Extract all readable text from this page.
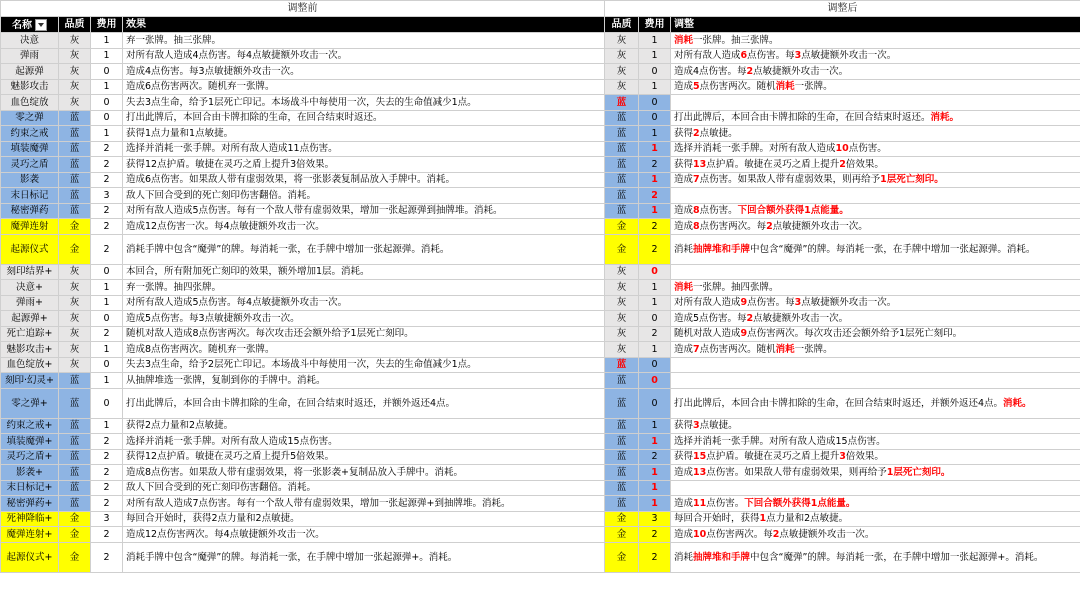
调整前				调整后		
名称	品质	费用	效果	品质	费用	调整
决意	灰	1	弃一张牌。抽三张牌。	灰	1	消耗一张牌。抽三张牌。
弹雨	灰	1	对所有敌人造成4点伤害。每4点敏捷额外攻击一次。	灰	1	对所有敌人造成6点伤害。每3点敏捷额外攻击一次。
起源弹	灰	0	造成4点伤害。每3点敏捷额外攻击一次。	灰	0	造成4点伤害。每2点敏捷额外攻击一次。
魅影攻击	灰	1	造成6点伤害两次。随机弃一张牌。	灰	1	造成5点伤害两次。随机消耗一张牌。
血色绽放	灰	0	失去3点生命，给予1层死亡印记。本场战斗中每使用一次，失去的生命值减少1点。	蓝	0	
零之弹	蓝	0	打出此牌后，本回合由卡牌扣除的生命，在回合结束时返还。	蓝	0	打出此牌后，本回合由卡牌扣除的生命，在回合结束时返还。消耗。
约束之戒	蓝	1	获得1点力量和1点敏捷。	蓝	1	获得2点敏捷。
填装魔弹	蓝	2	选择并消耗一张手牌。对所有敌人造成11点伤害。	蓝	1	选择并消耗一张手牌。对所有敌人造成10点伤害。
灵巧之盾	蓝	2	获得12点护盾。敏捷在灵巧之盾上提升3倍效果。	蓝	2	获得13点护盾。敏捷在灵巧之盾上提升2倍效果。
影袭	蓝	2	造成6点伤害。如果敌人带有虚弱效果，将一张影袭复制品放入手牌中。消耗。	蓝	1	造成7点伤害。如果敌人带有虚弱效果，则再给予1层死亡刻印。
末日标记	蓝	3	敌人下回合受到的死亡刻印伤害翻倍。消耗。	蓝	2	
秘密弹药	蓝	2	对所有敌人造成5点伤害。每有一个敌人带有虚弱效果，增加一张起源弹到抽牌堆。消耗。	蓝	1	造成8点伤害。下回合额外获得1点能量。
魔弹连射	金	2	造成12点伤害一次。每4点敏捷额外攻击一次。	金	2	造成8点伤害两次。每2点敏捷额外攻击一次。
起源仪式	金	2	消耗手牌中包含“魔弹”的牌。每消耗一张，在手牌中增加一张起源弹。消耗。	金	2	消耗抽牌堆和手牌中包含“魔弹”的牌。每消耗一张，在手牌中增加一张起源弹。消耗。
刻印结界+	灰	0	本回合，所有附加死亡刻印的效果，额外增加1层。消耗。	灰	0	
决意+	灰	1	弃一张牌。抽四张牌。	灰	1	消耗一张牌。抽四张牌。
弹雨+	灰	1	对所有敌人造成5点伤害。每4点敏捷额外攻击一次。	灰	1	对所有敌人造成9点伤害。每3点敏捷额外攻击一次。
起源弹+	灰	0	造成5点伤害。每3点敏捷额外攻击一次。	灰	0	造成5点伤害。每2点敏捷额外攻击一次。
死亡追踪+	灰	2	随机对敌人造成8点伤害两次。每次攻击还会额外给予1层死亡刻印。	灰	2	随机对敌人造成9点伤害两次。每次攻击还会额外给予1层死亡刻印。
魅影攻击+	灰	1	造成8点伤害两次。随机弃一张牌。	灰	1	造成7点伤害两次。随机消耗一张牌。
血色绽放+	灰	0	失去3点生命，给予2层死亡印记。本场战斗中每使用一次，失去的生命值减少1点。	蓝	0	
刻印·幻灵+	蓝	1	从抽牌堆选一张牌，复制到你的手牌中。消耗。	蓝	0	
零之弹+	蓝	0	打出此牌后，本回合由卡牌扣除的生命，在回合结束时返还，并额外返还4点。	蓝	0	打出此牌后，本回合由卡牌扣除的生命，在回合结束时返还，并额外返还4点。消耗。
约束之戒+	蓝	1	获得2点力量和2点敏捷。	蓝	1	获得3点敏捷。
填装魔弹+	蓝	2	选择并消耗一张手牌。对所有敌人造成15点伤害。	蓝	1	选择并消耗一张手牌。对所有敌人造成15点伤害。
灵巧之盾+	蓝	2	获得12点护盾。敏捷在灵巧之盾上提升5倍效果。	蓝	2	获得15点护盾。敏捷在灵巧之盾上提升3倍效果。
影袭+	蓝	2	造成8点伤害。如果敌人带有虚弱效果，将一张影袭+复制品放入手牌中。消耗。	蓝	1	造成13点伤害。如果敌人带有虚弱效果，则再给予1层死亡刻印。
末日标记+	蓝	2	敌人下回合受到的死亡刻印伤害翻倍。消耗。	蓝	1	
秘密弹药+	蓝	2	对所有敌人造成7点伤害。每有一个敌人带有虚弱效果，增加一张起源弹+到抽牌堆。消耗。	蓝	1	造成11点伤害。下回合额外获得1点能量。
死神降临+	金	3	每回合开始时，获得2点力量和2点敏捷。	金	3	每回合开始时，获得1点力量和2点敏捷。
魔弹连射+	金	2	造成12点伤害两次。每4点敏捷额外攻击一次。	金	2	造成10点伤害两次。每2点敏捷额外攻击一次。
起源仪式+	金	2	消耗手牌中包含“魔弹”的牌。每消耗一张，在手牌中增加一张起源弹+。消耗。	金	2	消耗抽牌堆和手牌中包含“魔弹”的牌。每消耗一张，在手牌中增加一张起源弹+。消耗。
